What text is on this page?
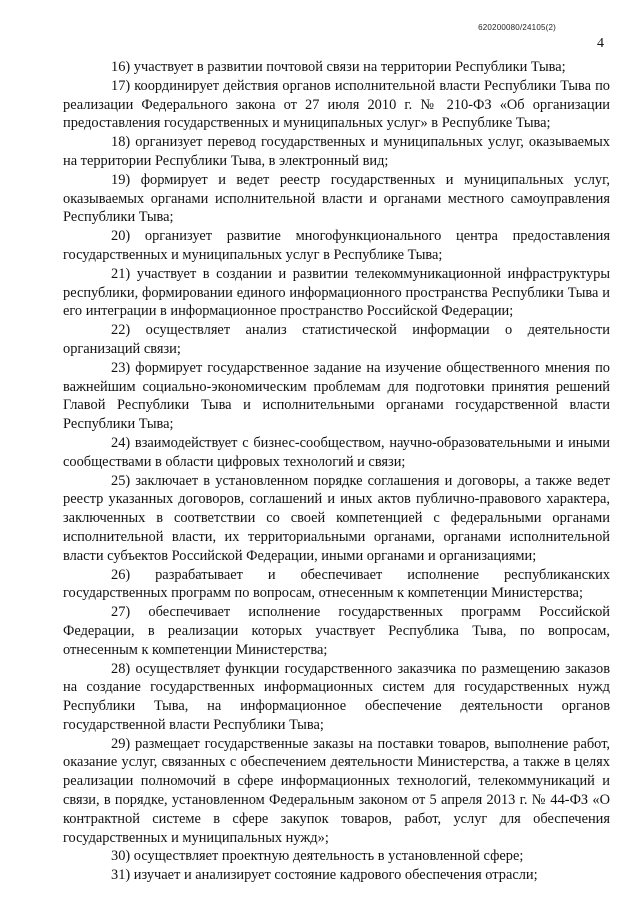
620200080/24105(2)
4

16) участвует в развитии почтовой связи на территории Республики Тыва;

17) координирует действия органов исполнительной власти Республики Тыва по реализации Федерального закона от 27 июля 2010 г. № 210-ФЗ «Об организации предоставления государственных и муниципальных услуг» в Республике Тыва;

18) организует перевод государственных и муниципальных услуг, оказываемых на территории Республики Тыва, в электронный вид;

19) формирует и ведет реестр государственных и муниципальных услуг, оказываемых органами исполнительной власти и органами местного самоуправления Республики Тыва;

20) организует развитие многофункционального центра предоставления государственных и муниципальных услуг в Республике Тыва;

21) участвует в создании и развитии телекоммуникационной инфраструктуры республики, формировании единого информационного пространства Республики Тыва и его интеграции в информационное пространство Российской Федерации;

22) осуществляет анализ статистической информации о деятельности организаций связи;

23) формирует государственное задание на изучение общественного мнения по важнейшим социально-экономическим проблемам для подготовки принятия решений Главой Республики Тыва и исполнительными органами государственной власти Республики Тыва;

24) взаимодействует с бизнес-сообществом, научно-образовательными и иными сообществами в области цифровых технологий и связи;

25) заключает в установленном порядке соглашения и договоры, а также ведет реестр указанных договоров, соглашений и иных актов публично-правового характера, заключенных в соответствии со своей компетенцией с федеральными органами исполнительной власти, их территориальными органами, органами исполнительной власти субъектов Российской Федерации, иными органами и организациями;

26) разрабатывает и обеспечивает исполнение республиканских государственных программ по вопросам, отнесенным к компетенции Министерства;

27) обеспечивает исполнение государственных программ Российской Федерации, в реализации которых участвует Республика Тыва, по вопросам, отнесенным к компетенции Министерства;

28) осуществляет функции государственного заказчика по размещению заказов на создание государственных информационных систем для государственных нужд Республики Тыва, на информационное обеспечение деятельности органов государственной власти Республики Тыва;

29) размещает государственные заказы на поставки товаров, выполнение работ, оказание услуг, связанных с обеспечением деятельности Министерства, а также в целях реализации полномочий в сфере информационных технологий, телекоммуникаций и связи, в порядке, установленном Федеральным законом от 5 апреля 2013 г. № 44-ФЗ «О контрактной системе в сфере закупок товаров, работ, услуг для обеспечения государственных и муниципальных нужд»;

30) осуществляет проектную деятельность в установленной сфере;

31) изучает и анализирует состояние кадрового обеспечения отрасли;
